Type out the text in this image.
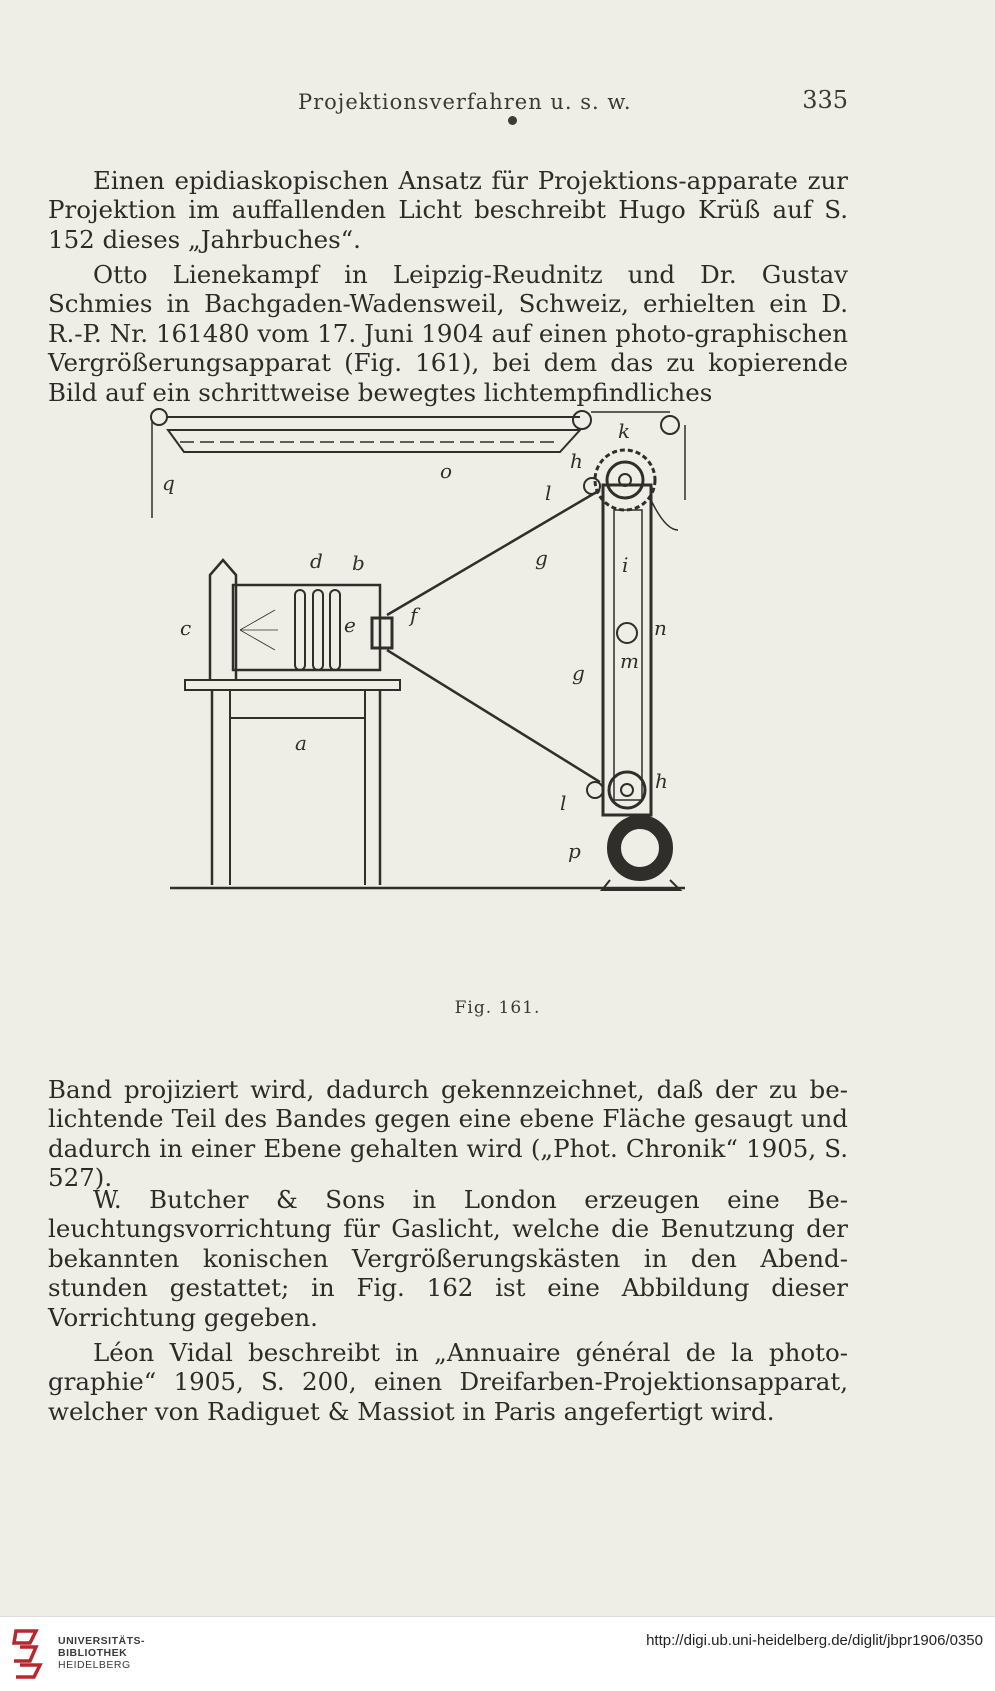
Projektionsverfahren u. s. w.	335

Einen epidiaskopischen Ansatz für Projektions-apparate zur Projektion im auffallenden Licht beschreibt Hugo Krüß auf S. 152 dieses „Jahrbuches“.

Otto Lienekampf in Leipzig-Reudnitz und Dr. Gustav Schmies in Bachgaden-Wadensweil, Schweiz, erhielten ein D. R.-P. Nr. 161480 vom 17. Juni 1904 auf einen photo-graphischen Vergrößerungsapparat (Fig. 161), bei dem das zu kopierende Bild auf ein schrittweise bewegtes lichtempfindliches

k
h
l
q	o
d b
c	e	f
g
g
i
n
m
a
h
l
p
Fig. 161.

Band projiziert wird, dadurch gekennzeichnet, daß der zu be-lichtende Teil des Bandes gegen eine ebene Fläche gesaugt und dadurch in einer Ebene gehalten wird („Phot. Chronik“ 1905, S. 527).

W. Butcher & Sons in London erzeugen eine Be-leuchtungsvorrichtung für Gaslicht, welche die Benutzung der bekannten konischen Vergrößerungskästen in den Abend-stunden gestattet; in Fig. 162 ist eine Abbildung dieser Vorrichtung gegeben.

Léon Vidal beschreibt in „Annuaire général de la photo-graphie“ 1905, S. 200, einen Dreifarben-Projektionsapparat, welcher von Radiguet & Massiot in Paris angefertigt wird.

UNIVERSITÄTS-
BIBLIOTHEK
HEIDELBERG
http://digi.ub.uni-heidelberg.de/diglit/jbpr1906/0350
